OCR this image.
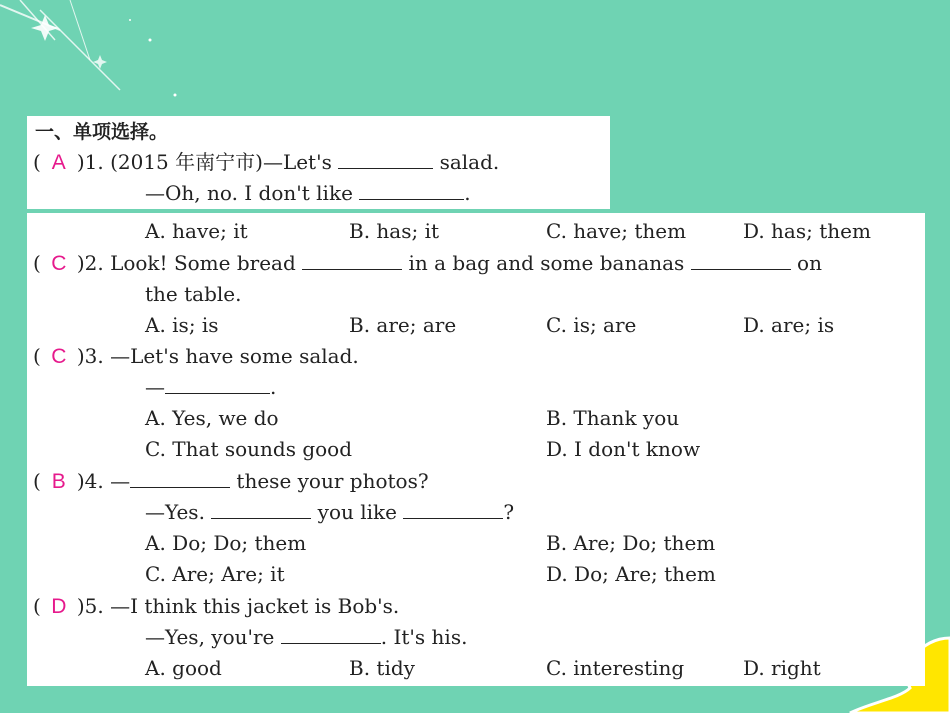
一、单项选择。
( A )1. (2015 年南宁市)—Let's	salad.
—Oh, no. I don't like	.
A. have; it	B. has; it	C. have; them	D. has; them
( C )2. Look! Some bread	in a bag and some bananas	on
the table.
A. is; is	B. are; are	C. is; are	D. are; is
( C )3. —Let's have some salad.
—	.
A. Yes, we do	B. Thank you
C. That sounds good	D. I don't know
( B )4. —	these your photos?
—Yes.	you like	?
A. Do; Do; them	B. Are; Do; them
C. Are; Are; it	D. Do; Are; them
( D )5. —I think this jacket is Bob's.
—Yes, you're	. It's his.
A. good	B. tidy	C. interesting	D. right
